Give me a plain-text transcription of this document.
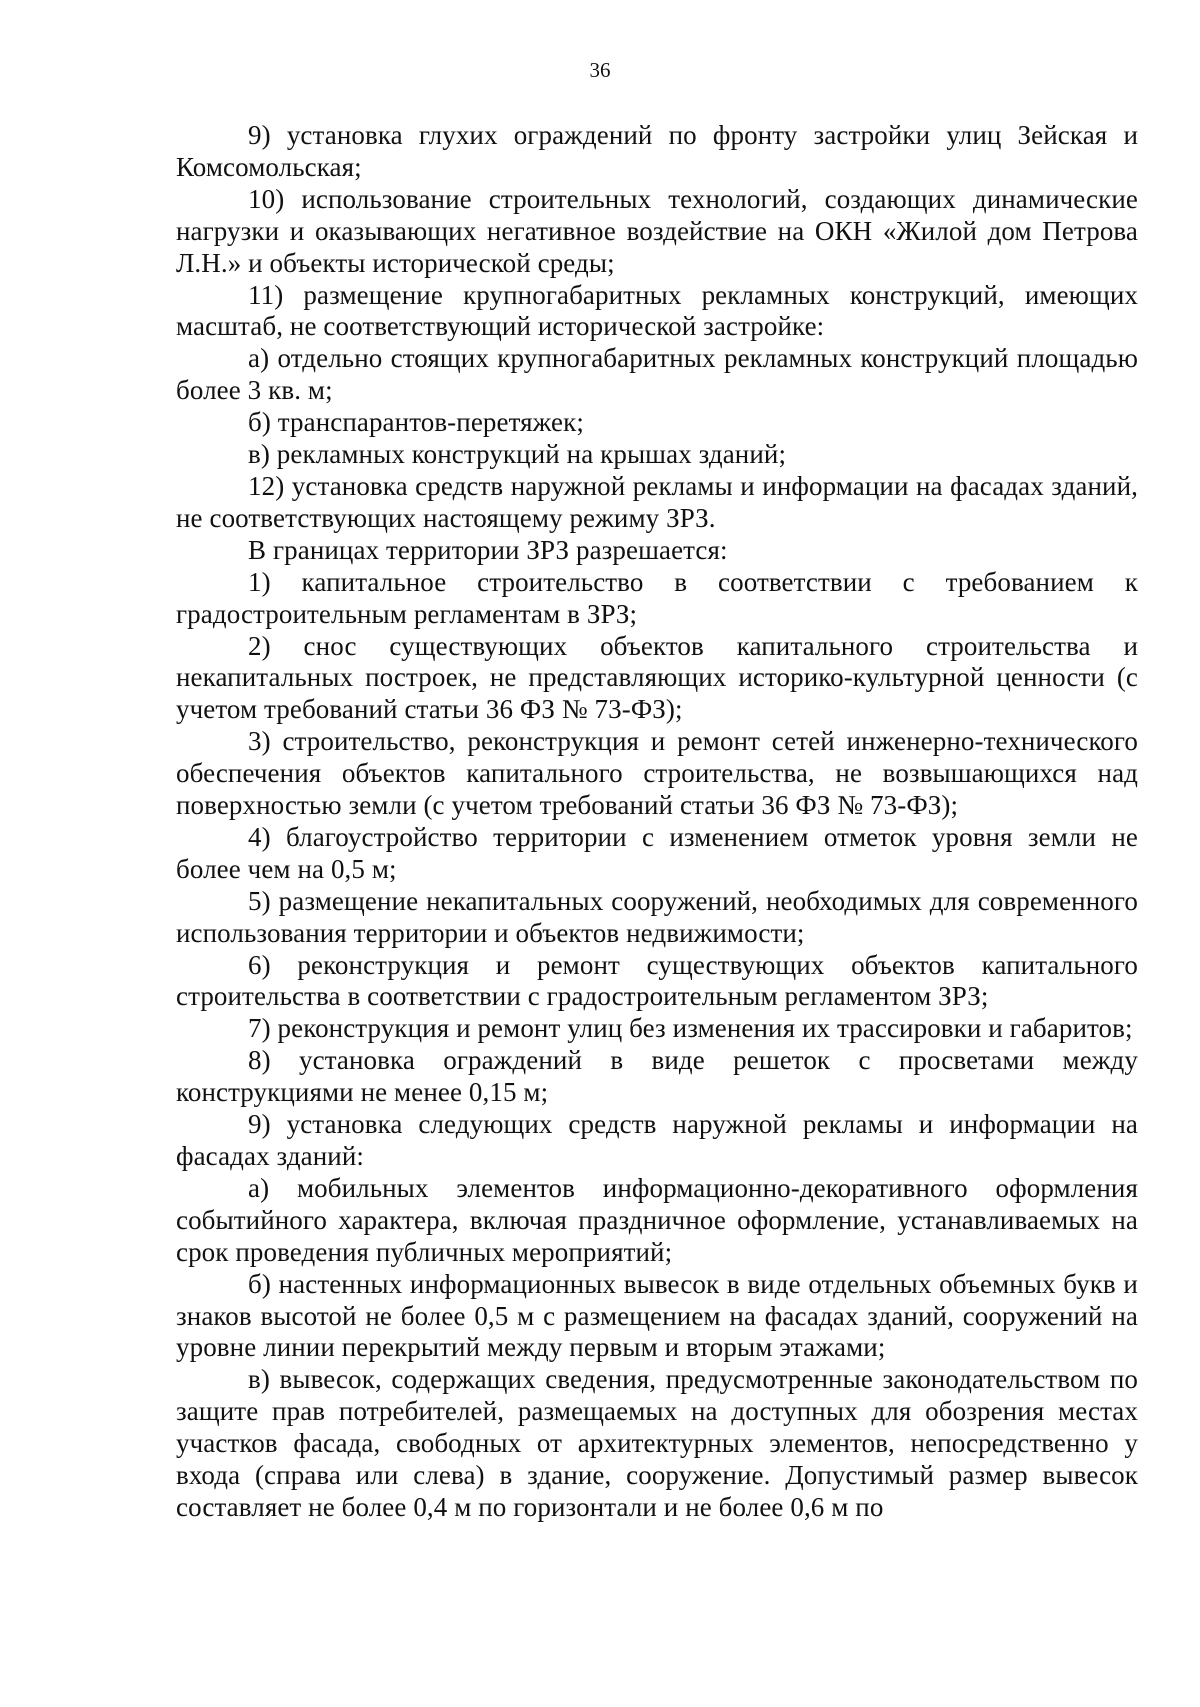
36

9) установка глухих ограждений по фронту застройки улиц Зейская и Комсомольская;

10) использование строительных технологий, создающих динамические нагрузки и оказывающих негативное воздействие на ОКН «Жилой дом Петрова Л.Н.» и объекты исторической среды;

11) размещение крупногабаритных рекламных конструкций, имеющих масштаб, не соответствующий исторической застройке:

а) отдельно стоящих крупногабаритных рекламных конструкций площадью более 3 кв. м;

б) транспарантов-перетяжек;

в) рекламных конструкций на крышах зданий;

12) установка средств наружной рекламы и информации на фасадах зданий, не соответствующих настоящему режиму ЗРЗ.

В границах территории ЗРЗ разрешается:

1) капитальное строительство в соответствии с требованием к градостроительным регламентам в ЗРЗ;

2) снос существующих объектов капитального строительства и некапитальных построек, не представляющих историко-культурной ценности (с учетом требований статьи 36 ФЗ № 73-ФЗ);

3) строительство, реконструкция и ремонт сетей инженерно-технического обеспечения объектов капитального строительства, не возвышающихся над поверхностью земли (с учетом требований статьи 36 ФЗ № 73-ФЗ);

4) благоустройство территории с изменением отметок уровня земли не более чем на 0,5 м;

5) размещение некапитальных сооружений, необходимых для современного использования территории и объектов недвижимости;

6) реконструкция и ремонт существующих объектов капитального строительства в соответствии с градостроительным регламентом ЗРЗ;

7) реконструкция и ремонт улиц без изменения их трассировки и габаритов;

8) установка ограждений в виде решеток с просветами между конструкциями не менее 0,15 м;

9) установка следующих средств наружной рекламы и информации на фасадах зданий:

а) мобильных элементов информационно-декоративного оформления событийного характера, включая праздничное оформление, устанавливаемых на срок проведения публичных мероприятий;

б) настенных информационных вывесок в виде отдельных объемных букв и знаков высотой не более 0,5 м с размещением на фасадах зданий, сооружений на уровне линии перекрытий между первым и вторым этажами;

в) вывесок, содержащих сведения, предусмотренные законодательством по защите прав потребителей, размещаемых на доступных для обозрения местах участков фасада, свободных от архитектурных элементов, непосредственно у входа (справа или слева) в здание, сооружение. Допустимый размер вывесок составляет не более 0,4 м по горизонтали и не более 0,6 м по
